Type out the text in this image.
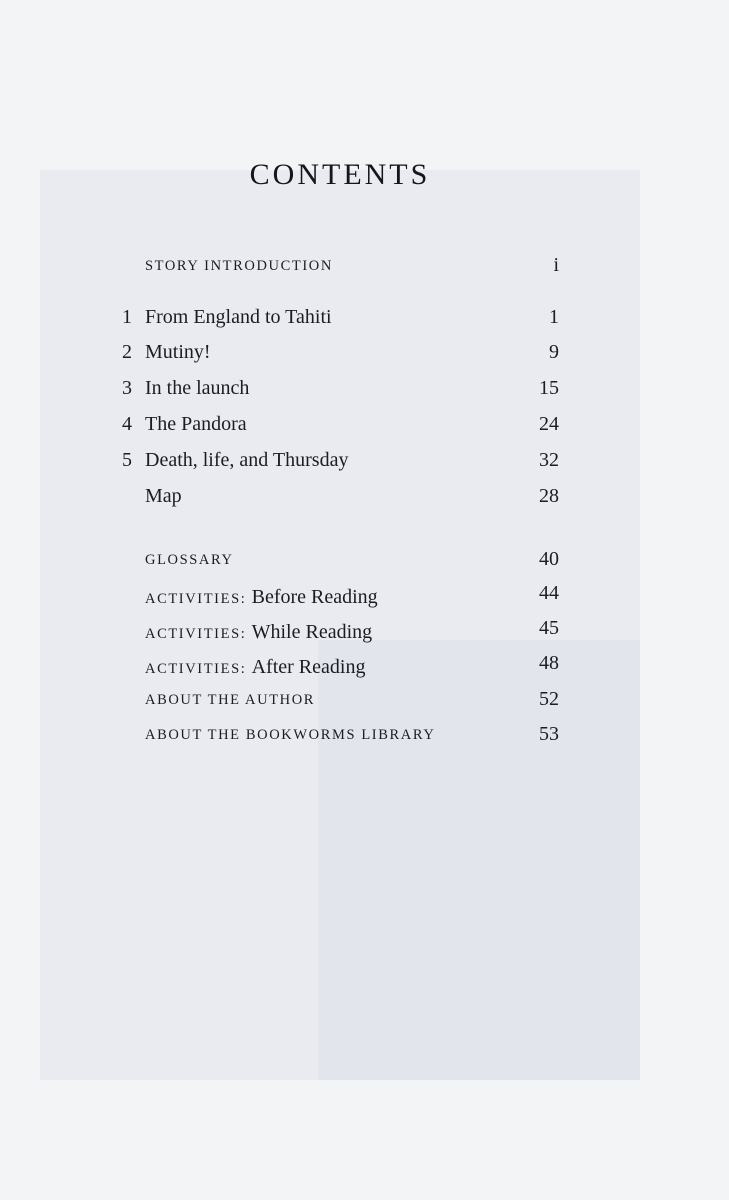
CONTENTS
STORY INTRODUCTION	i
1 From England to Tahiti	1
2 Mutiny!	9
3 In the launch	15
4 The Pandora	24
5 Death, life, and Thursday	32
Map	28
GLOSSARY	40
ACTIVITIES: Before Reading	44
ACTIVITIES: While Reading	45
ACTIVITIES: After Reading	48
ABOUT THE AUTHOR	52
ABOUT THE BOOKWORMS LIBRARY	53
